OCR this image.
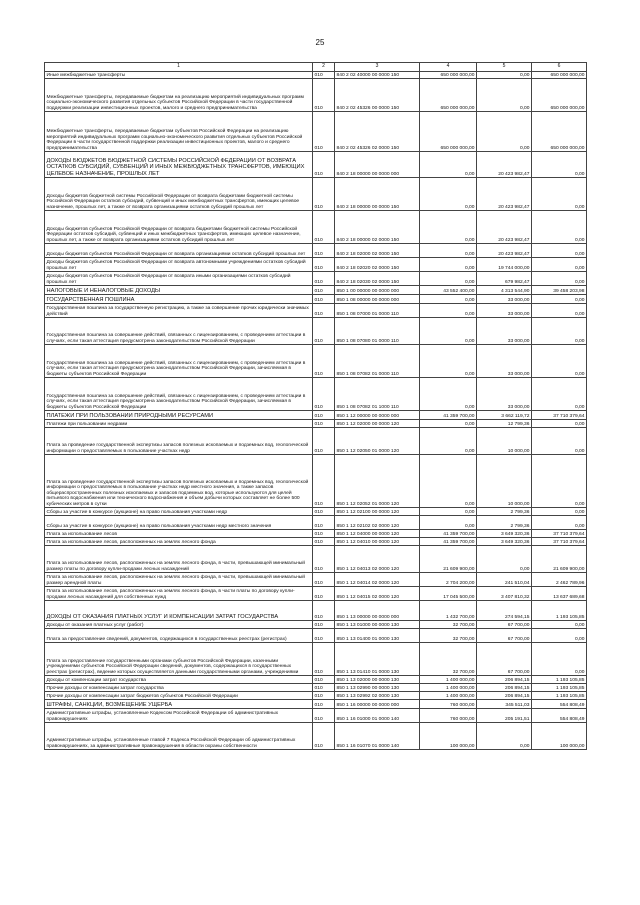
25
1	2	3	4	5	6
Иные межбюджетные трансферты	010	840 2 02 40000 00 0000 150	650 000 000,00	0,00	650 000 000,00
Межбюджетные трансферты, передаваемые бюджетам на реализацию мероприятий индивидуальных программ социально-экономического развития отдельных субъектов Российской Федерации в части государственной поддержки реализации инвестиционных проектов, малого и среднего предпринимательства	010	840 2 02 45326 00 0000 150	650 000 000,00	0,00	650 000 000,00
Межбюджетные трансферты, передаваемые бюджетам субъектов Российской Федерации на реализацию мероприятий индивидуальных программ социально-экономического развития отдельных субъектов Российской Федерации в части государственной поддержки реализации инвестиционных проектов, малого и среднего предпринимательства	010	840 2 02 45326 02 0000 150	650 000 000,00	0,00	650 000 000,00
ДОХОДЫ БЮДЖЕТОВ БЮДЖЕТНОЙ СИСТЕМЫ РОССИЙСКОЙ ФЕДЕРАЦИИ ОТ ВОЗВРАТА ОСТАТКОВ СУБСИДИЙ, СУБВЕНЦИЙ И ИНЫХ МЕЖБЮДЖЕТНЫХ ТРАНСФЕРТОВ, ИМЕЮЩИХ ЦЕЛЕВОЕ НАЗНАЧЕНИЕ, ПРОШЛЫХ ЛЕТ	010	840 2 18 00000 00 0000 000	0,00	20 423 982,47	0,00
Доходы бюджетов бюджетной системы Российской Федерации от возврата бюджетами бюджетной системы Российской Федерации остатков субсидий, субвенций и иных межбюджетных трансфертов, имеющих целевое назначение, прошлых лет, а также от возврата организациями остатков субсидий прошлых лет	010	840 2 18 00000 00 0000 150	0,00	20 423 982,47	0,00
Доходы бюджетов субъектов Российской Федерации от возврата бюджетами бюджетной системы Российской Федерации остатков субсидий, субвенций и иных межбюджетных трансфертов, имеющих целевое назначение, прошлых лет, а также от возврата организациями остатков субсидий прошлых лет	010	840 2 18 00000 02 0000 150	0,00	20 423 982,47	0,00
Доходы бюджетов субъектов Российской Федерации от возврата организациями остатков субсидий прошлых лет	010	840 2 18 02000 02 0000 150	0,00	20 423 982,47	0,00
Доходы бюджетов субъектов Российской Федерации от возврата автономными учреждениями остатков субсидий прошлых лет	010	840 2 18 02020 02 0000 150	0,00	19 744 000,00	0,00
Доходы бюджетов субъектов Российской Федерации от возврата иными организациями остатков субсидий прошлых лет	010	840 2 18 02030 02 0000 150	0,00	679 982,47	0,00
НАЛОГОВЫЕ И НЕНАЛОГОВЫЕ ДОХОДЫ	010	850 1 00 00000 00 0000 000	43 552 400,00	4 313 544,90	39 458 203,98
ГОСУДАРСТВЕННАЯ ПОШЛИНА	010	850 1 08 00000 00 0000 000	0,00	33 000,00	0,00
Государственная пошлина за государственную регистрацию, а также за совершение прочих юридически значимых действий	010	850 1 08 07000 01 0000 110	0,00	33 000,00	0,00
Государственная пошлина за совершение действий, связанных с лицензированием, с проведением аттестации в случаях, если такая аттестация предусмотрена законодательством Российской Федерации	010	850 1 08 07080 01 0000 110	0,00	33 000,00	0,00
Государственная пошлина за совершение действий, связанных с лицензированием, с проведением аттестации в случаях, если такая аттестация предусмотрена законодательством Российской Федерации, зачисляемая в бюджеты субъектов Российской Федерации	010	850 1 08 07082 01 0000 110	0,00	33 000,00	0,00
Государственная пошлина за совершение действий, связанных с лицензированием, с проведением аттестации в случаях, если такая аттестация предусмотрена законодательством Российской Федерации, зачисляемая в бюджеты субъектов Российской Федерации	010	850 1 08 07082 01 1000 110	0,00	33 000,00	0,00
ПЛАТЕЖИ ПРИ ПОЛЬЗОВАНИИ ПРИРОДНЫМИ РЕСУРСАМИ	010	850 1 12 00000 00 0000 000	41 359 700,00	3 662 119,72	37 710 379,64
Платежи при пользовании недрами	010	850 1 12 02000 00 0000 120	0,00	12 799,36	0,00
Плата за проведение государственной экспертизы запасов полезных ископаемых и подземных вод, геологической информации о предоставляемых в пользование участках недр	010	850 1 12 02050 01 0000 120	0,00	10 000,00	0,00
Плата за проведение государственной экспертизы запасов полезных ископаемых и подземных вод, геологической информации о предоставляемых в пользование участках недр местного значения, а также запасов общераспространенных полезных ископаемых и запасов подземных вод, которые используются для целей питьевого водоснабжения или технического водоснабжения и объем добычи которых составляет не более 500 кубических метров в сутки	010	850 1 12 02052 01 0000 120	0,00	10 000,00	0,00
Сборы за участие в конкурсе (аукционе) на право пользования участками недр	010	850 1 12 02100 00 0000 120	0,00	2 799,36	0,00
Сборы за участие в конкурсе (аукционе) на право пользования участками недр местного значения	010	850 1 12 02102 02 0000 120	0,00	2 799,36	0,00
Плата за использование лесов	010	850 1 12 04000 00 0000 120	41 359 700,00	3 649 320,36	37 710 379,64
Плата за использование лесов, расположенных на землях лесного фонда	010	850 1 12 04010 00 0000 120	41 359 700,00	3 649 320,36	37 710 379,64
Плата за использование лесов, расположенных на землях лесного фонда, в части, превышающей минимальный размер платы по договору купли-продажи лесных насаждений	010	850 1 12 04013 02 0000 120	21 609 900,00	0,00	21 609 900,00
Плата за использование лесов, расположенных на землях лесного фонда, в части, превышающей минимальный размер арендной платы	010	850 1 12 04014 02 0000 120	2 704 200,00	241 510,04	2 462 789,96
Плата за использование лесов, расположенных на землях лесного фонда, в части платы по договору купли-продажи лесных насаждений для собственных нужд	010	850 1 12 04015 02 0000 120	17 045 500,00	3 407 810,32	13 637 689,68
ДОХОДЫ ОТ ОКАЗАНИЯ ПЛАТНЫХ УСЛУГ И КОМПЕНСАЦИИ ЗАТРАТ ГОСУДАРСТВА	010	850 1 13 00000 00 0000 000	1 432 700,00	274 594,15	1 193 105,85
Доходы от оказания платных услуг (работ)	010	850 1 13 01000 00 0000 130	32 700,00	67 700,00	0,00
Плата за предоставление сведений, документов, содержащихся в государственных реестрах (регистрах)	010	850 1 13 01400 01 0000 130	32 700,00	67 700,00	0,00
Плата за предоставление государственными органами субъектов Российской Федерации, казенными учреждениями субъектов Российской Федерации сведений, документов, содержащихся в государственных реестрах (регистрах), ведение которых осуществляется данными государственными органами, учреждениями	010	850 1 13 01410 01 0000 130	32 700,00	67 700,00	0,00
Доходы от компенсации затрат государства	010	850 1 13 02000 00 0000 130	1 400 000,00	206 894,15	1 193 105,85
Прочие доходы от компенсации затрат государства	010	850 1 13 02990 00 0000 130	1 400 000,00	206 894,15	1 193 105,85
Прочие доходы от компенсации затрат бюджетов субъектов Российской Федерации	010	850 1 13 02992 02 0000 130	1 400 000,00	206 894,15	1 193 105,85
ШТРАФЫ, САНКЦИИ, ВОЗМЕЩЕНИЕ УЩЕРБА	010	850 1 16 00000 00 0000 000	760 000,00	345 511,03	554 808,49
Административные штрафы, установленные Кодексом Российской Федерации об административных правонарушениях	010	850 1 16 01000 01 0000 140	760 000,00	205 191,51	554 808,49
Административные штрафы, установленные главой 7 Кодекса Российской Федерации об административных правонарушениях, за административные правонарушения в области охраны собственности	010	850 1 16 01070 01 0000 140	100 000,00	0,00	100 000,00
